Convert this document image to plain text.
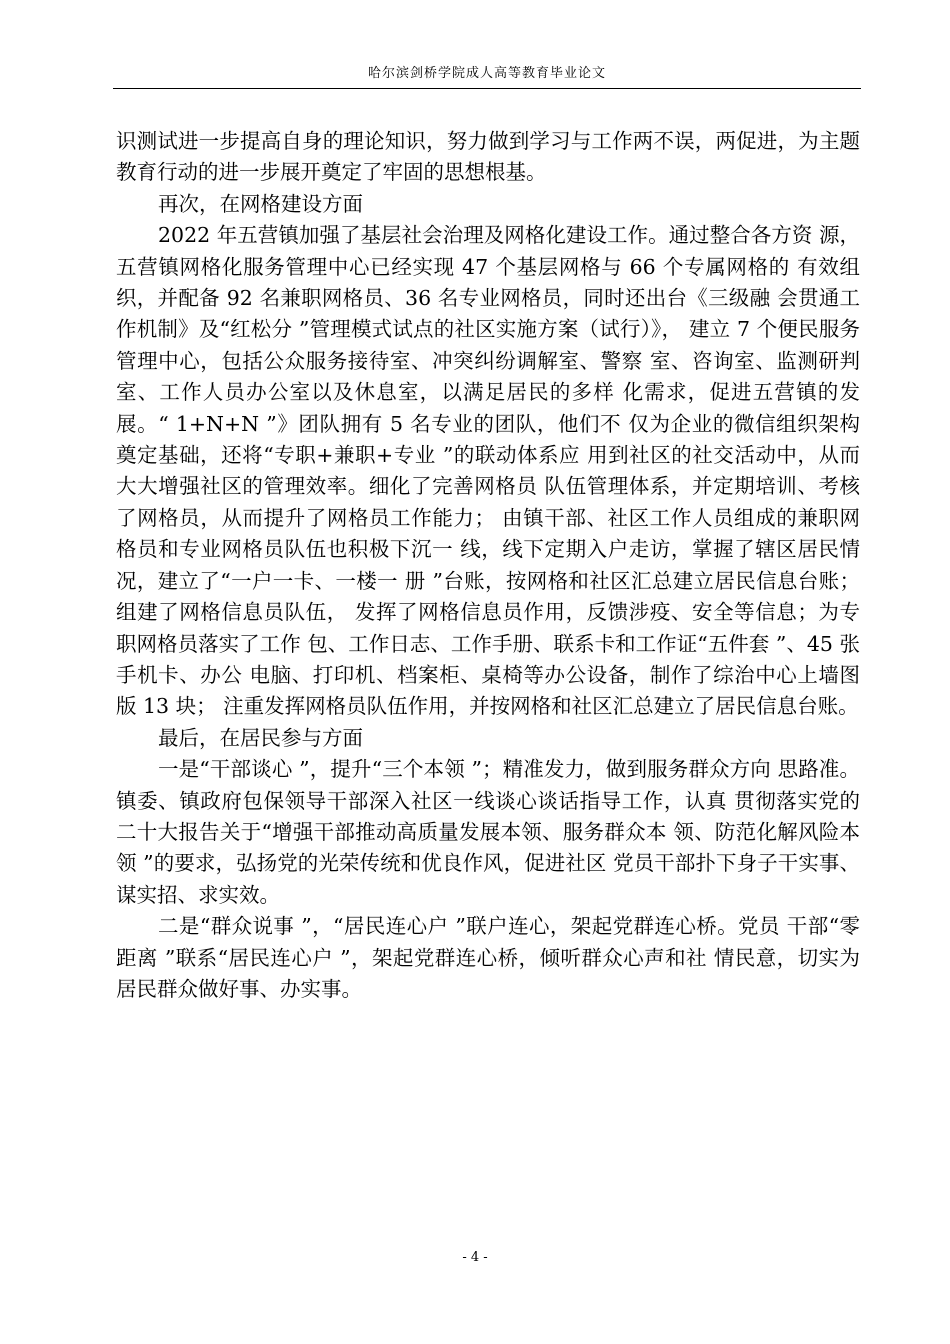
哈尔滨剑桥学院成人高等教育毕业论文

识测试进一步提高自身的理论知识，努力做到学习与工作两不误，两促进，为主题教育行动的进一步展开奠定了牢固的思想根基。

再次，在网格建设方面

2022 年五营镇加强了基层社会治理及网格化建设工作。通过整合各方资 源，五营镇网格化服务管理中心已经实现 47 个基层网格与 66 个专属网格的 有效组织，并配备 92 名兼职网格员、36 名专业网格员，同时还出台《三级融 会贯通工作机制》及“红松分 ”管理模式试点的社区实施方案（试行）》， 建立 7 个便民服务管理中心，包括公众服务接待室、冲突纠纷调解室、警察 室、咨询室、监测研判室、工作人员办公室以及休息室，以满足居民的多样 化需求，促进五营镇的发展。“ 1+N+N ”》团队拥有 5 名专业的团队，他们不 仅为企业的微信组织架构奠定基础，还将“专职+兼职+专业 ”的联动体系应 用到社区的社交活动中，从而大大增强社区的管理效率。细化了完善网格员 队伍管理体系，并定期培训、考核了网格员，从而提升了网格员工作能力； 由镇干部、社区工作人员组成的兼职网格员和专业网格员队伍也积极下沉一 线，线下定期入户走访，掌握了辖区居民情况，建立了“一户一卡、一楼一 册 ”台账，按网格和社区汇总建立居民信息台账；组建了网格信息员队伍， 发挥了网格信息员作用，反馈涉疫、安全等信息；为专职网格员落实了工作 包、工作日志、工作手册、联系卡和工作证“五件套 ”、45 张手机卡、办公 电脑、打印机、档案柜、桌椅等办公设备，制作了综治中心上墙图版 13 块； 注重发挥网格员队伍作用，并按网格和社区汇总建立了居民信息台账。

最后，在居民参与方面

一是“干部谈心 ”，提升“三个本领 ”；精准发力，做到服务群众方向 思路准。镇委、镇政府包保领导干部深入社区一线谈心谈话指导工作，认真 贯彻落实党的二十大报告关于“增强干部推动高质量发展本领、服务群众本 领、防范化解风险本领 ”的要求，弘扬党的光荣传统和优良作风，促进社区 党员干部扑下身子干实事、谋实招、求实效。

二是“群众说事 ”，“居民连心户 ”联户连心，架起党群连心桥。党员 干部“零距离 ”联系“居民连心户 ”，架起党群连心桥，倾听群众心声和社 情民意，切实为居民群众做好事、办实事。

- 4 -
